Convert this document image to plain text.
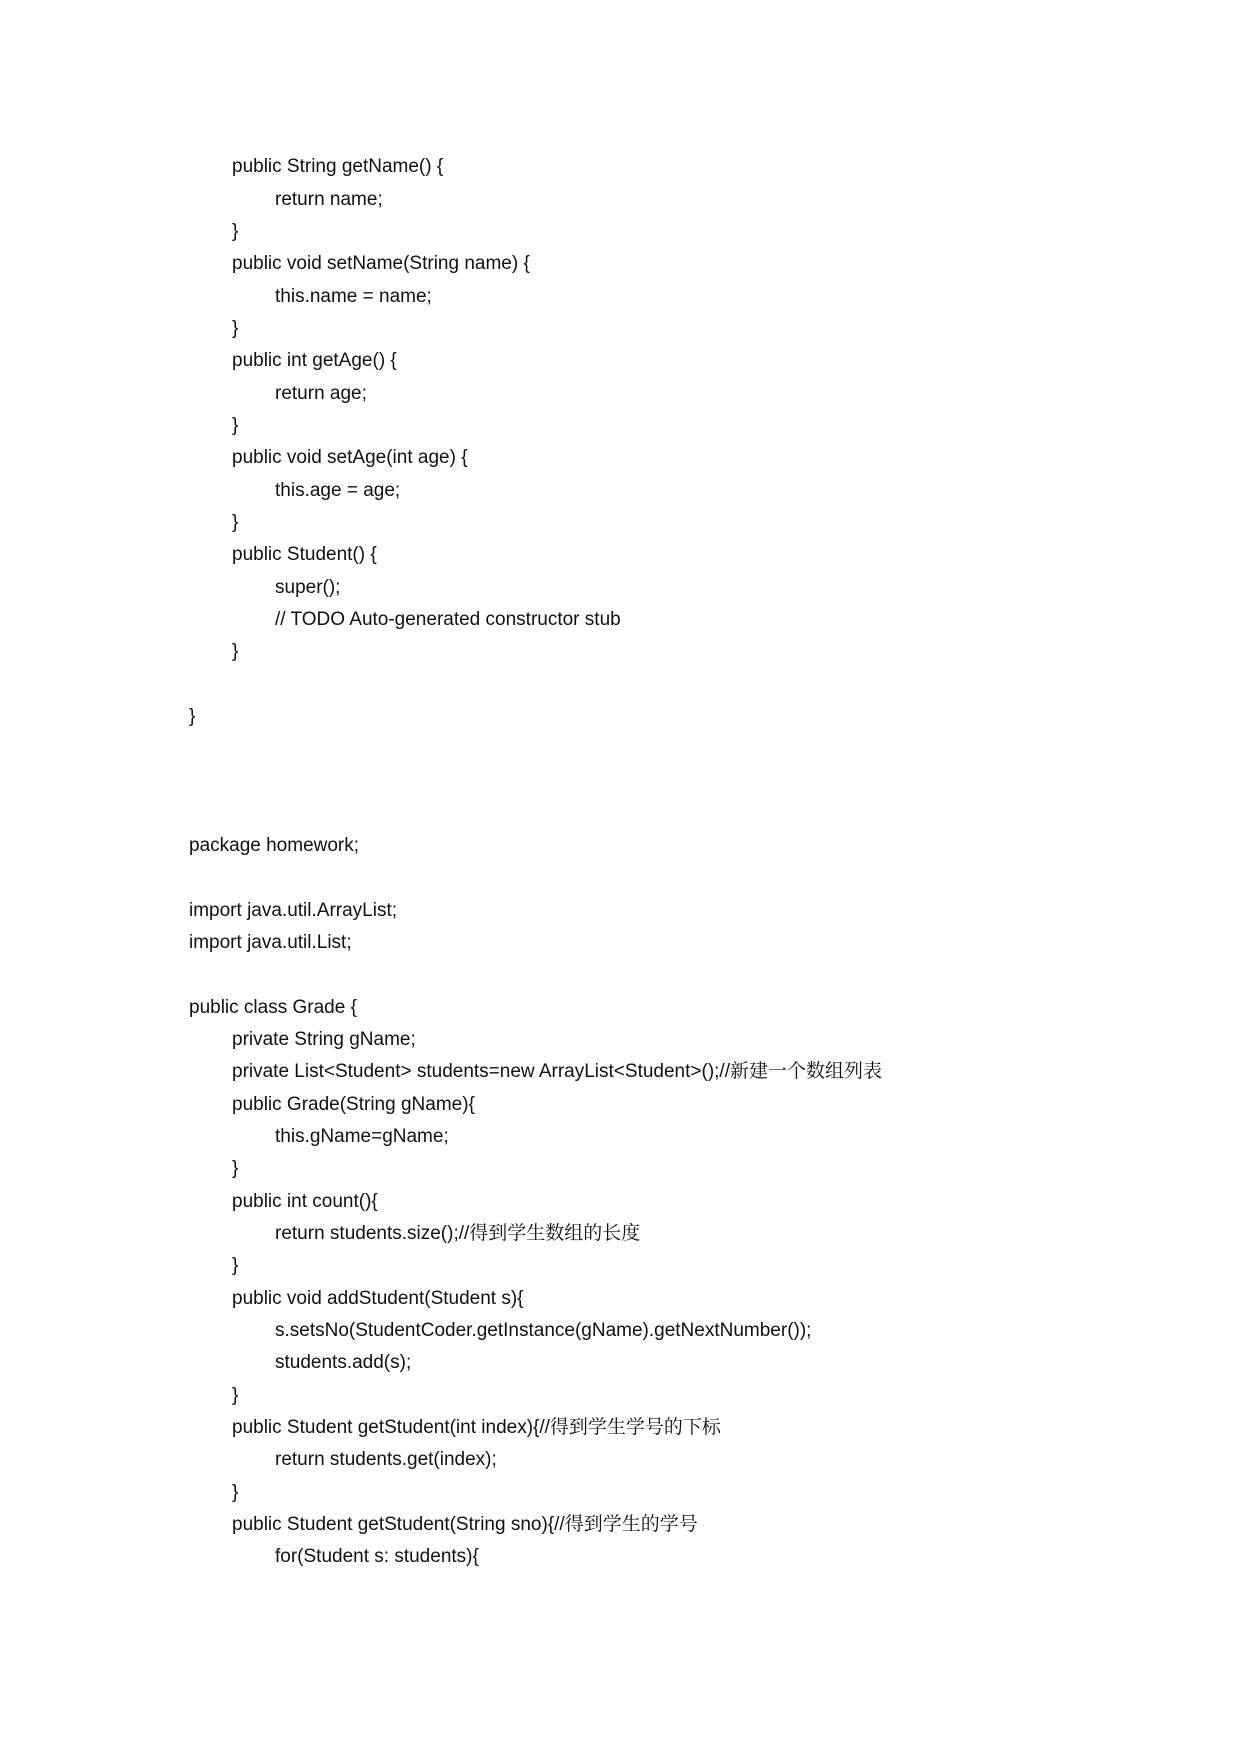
public String getName() {
return name;
}
public void setName(String name) {
this.name = name;
}
public int getAge() {
return age;
}
public void setAge(int age) {
this.age = age;
}
public Student() {
super();
// TODO Auto-generated constructor stub
}
}
package homework;
import java.util.ArrayList;
import java.util.List;
public class Grade {
private String gName;
private List<Student> students=new ArrayList<Student>();//新建一个数组列表
public Grade(String gName){
this.gName=gName;
}
public int count(){
return students.size();//得到学生数组的长度
}
public void addStudent(Student s){
s.setsNo(StudentCoder.getInstance(gName).getNextNumber());
students.add(s);
}
public Student getStudent(int index){//得到学生学号的下标
return students.get(index);
}
public Student getStudent(String sno){//得到学生的学号
for(Student s: students){
